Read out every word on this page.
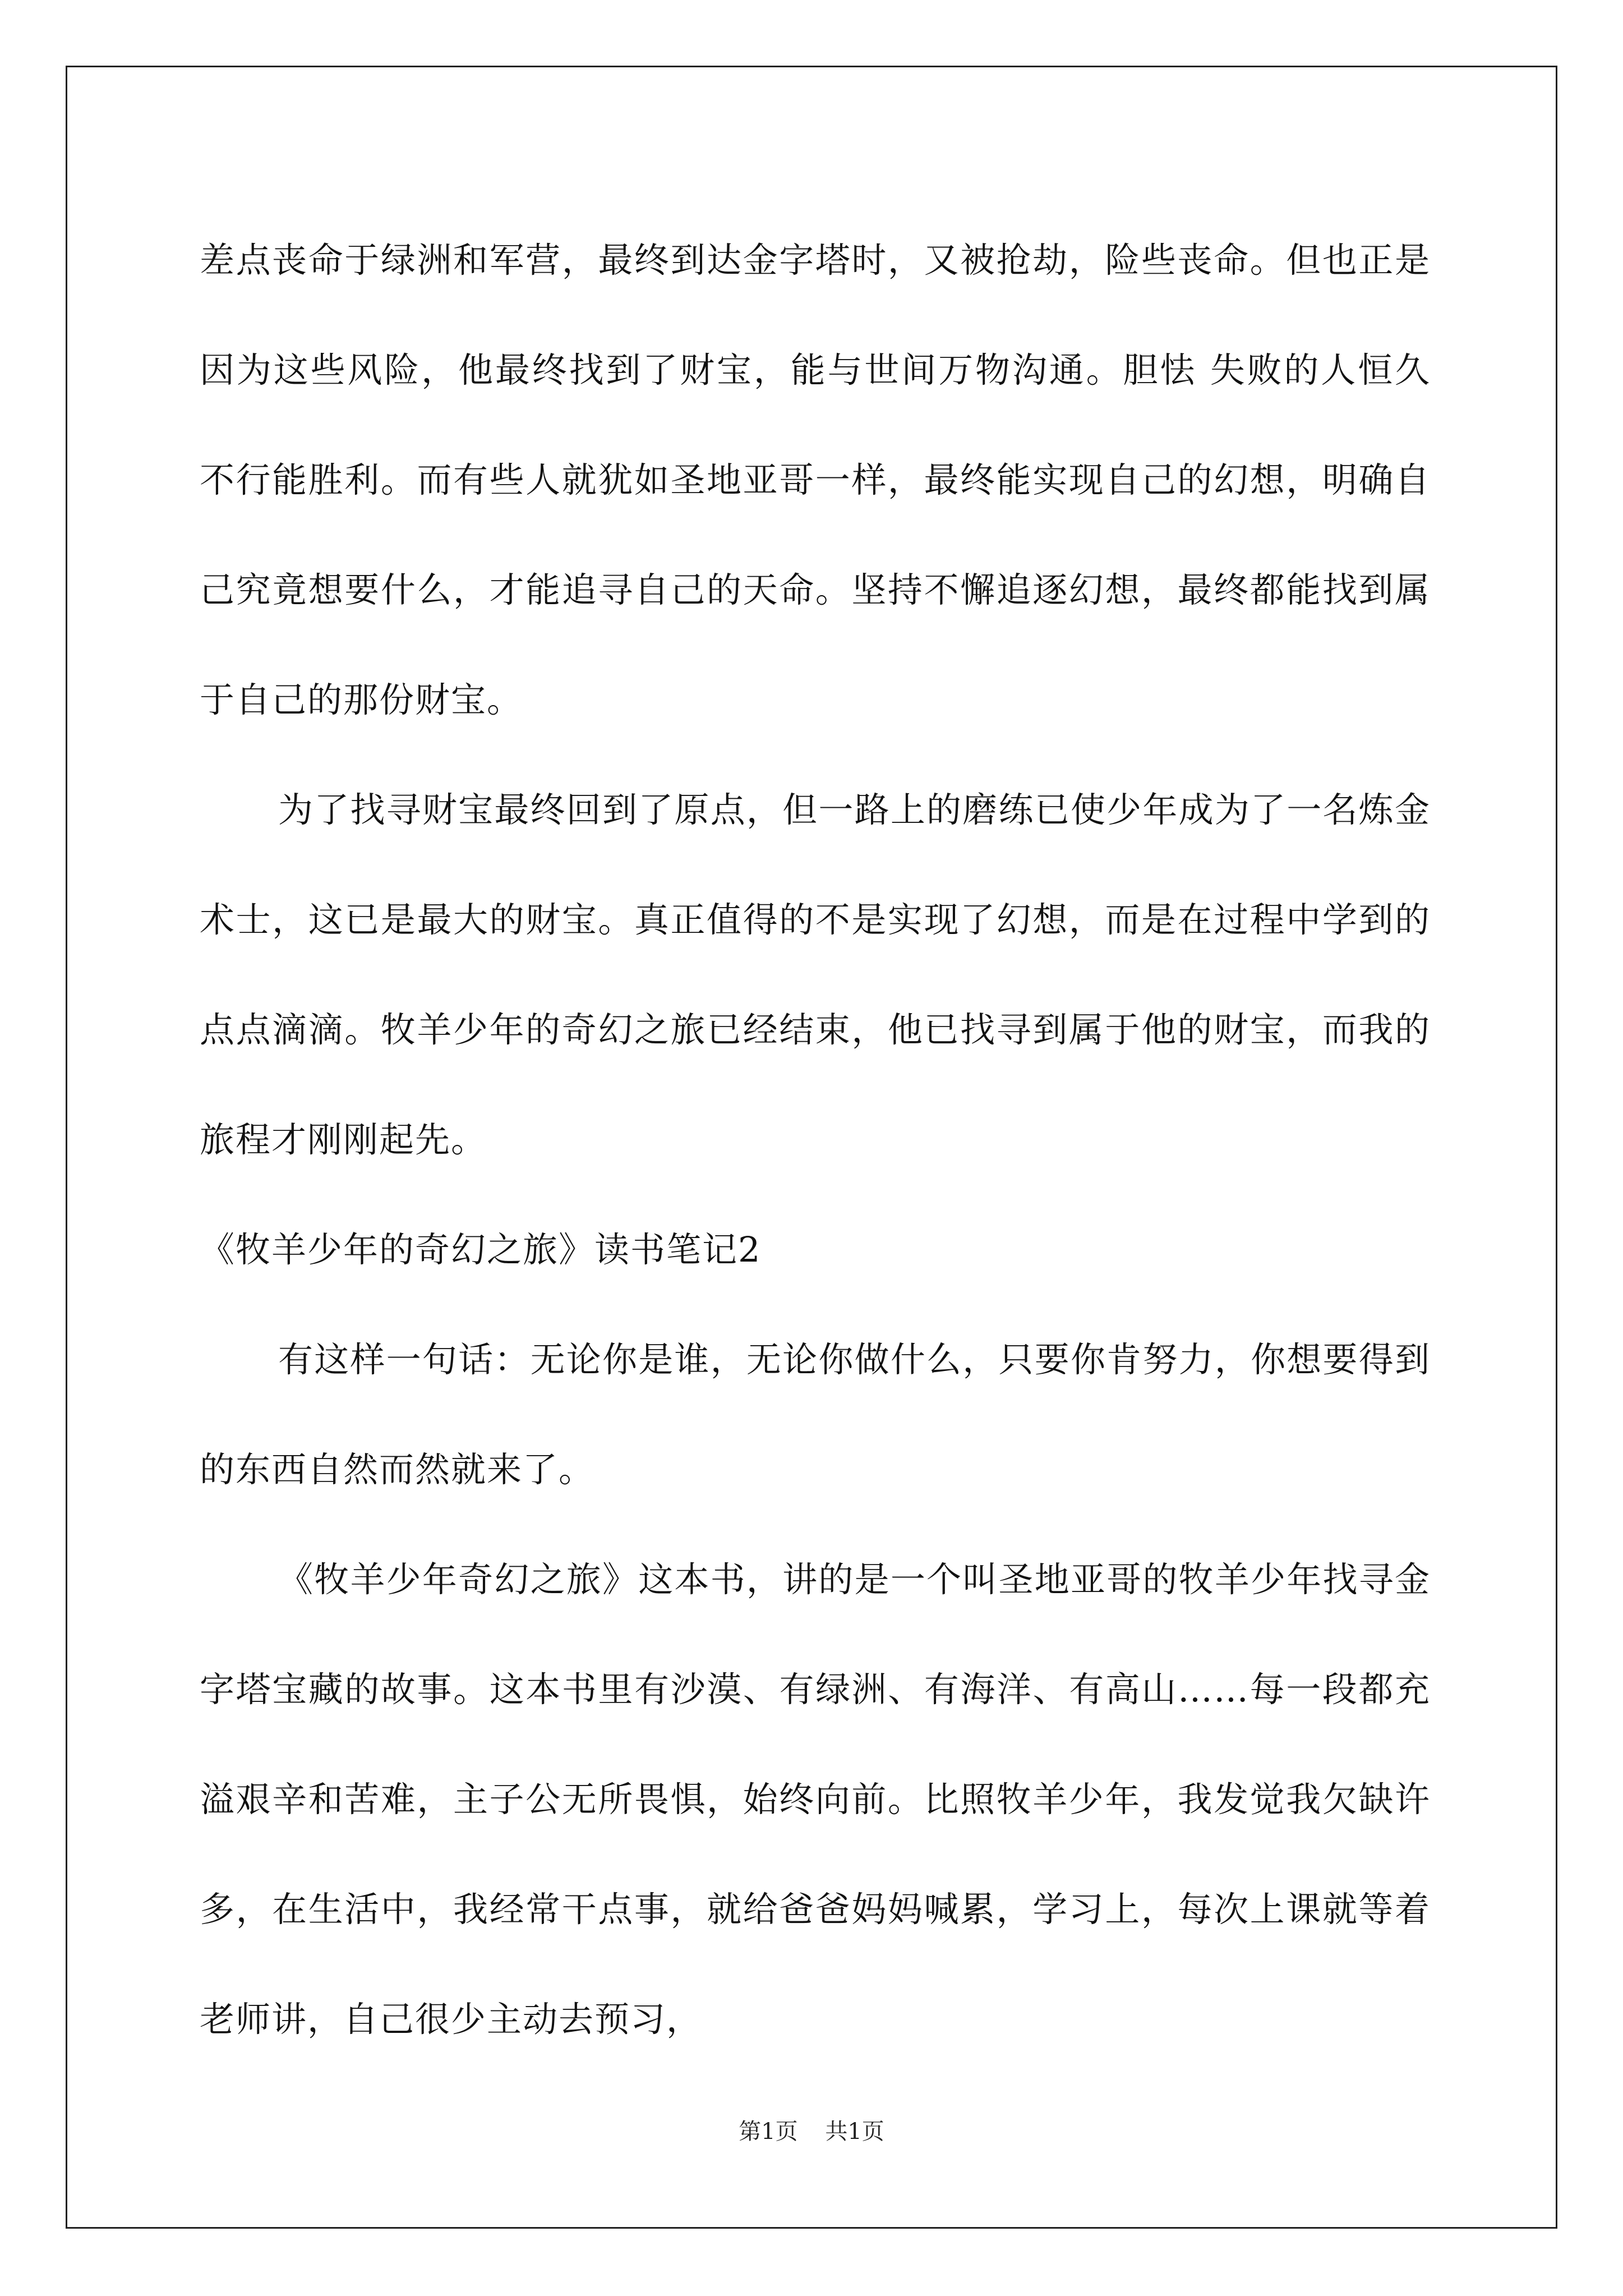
差点丧命于绿洲和军营，最终到达金字塔时，又被抢劫，险些丧命。但也正是因为这些风险，他最终找到了财宝，能与世间万物沟通。胆怯 失败的人恒久不行能胜利。而有些人就犹如圣地亚哥一样，最终能实现自己的幻想，明确自己究竟想要什么，才能追寻自己的天命。坚持不懈追逐幻想，最终都能找到属于自己的那份财宝。

为了找寻财宝最终回到了原点，但一路上的磨练已使少年成为了一名炼金术士，这已是最大的财宝。真正值得的不是实现了幻想，而是在过程中学到的点点滴滴。牧羊少年的奇幻之旅已经结束，他已找寻到属于他的财宝，而我的旅程才刚刚起先。

《牧羊少年的奇幻之旅》读书笔记2

有这样一句话：无论你是谁，无论你做什么，只要你肯努力，你想要得到的东西自然而然就来了。

《牧羊少年奇幻之旅》这本书，讲的是一个叫圣地亚哥的牧羊少年找寻金字塔宝藏的故事。这本书里有沙漠、有绿洲、有海洋、有高山……每一段都充溢艰辛和苦难，主子公无所畏惧，始终向前。比照牧羊少年，我发觉我欠缺许多，在生活中，我经常干点事，就给爸爸妈妈喊累，学习上，每次上课就等着老师讲，自己很少主动去预习，

第1页 共1页
